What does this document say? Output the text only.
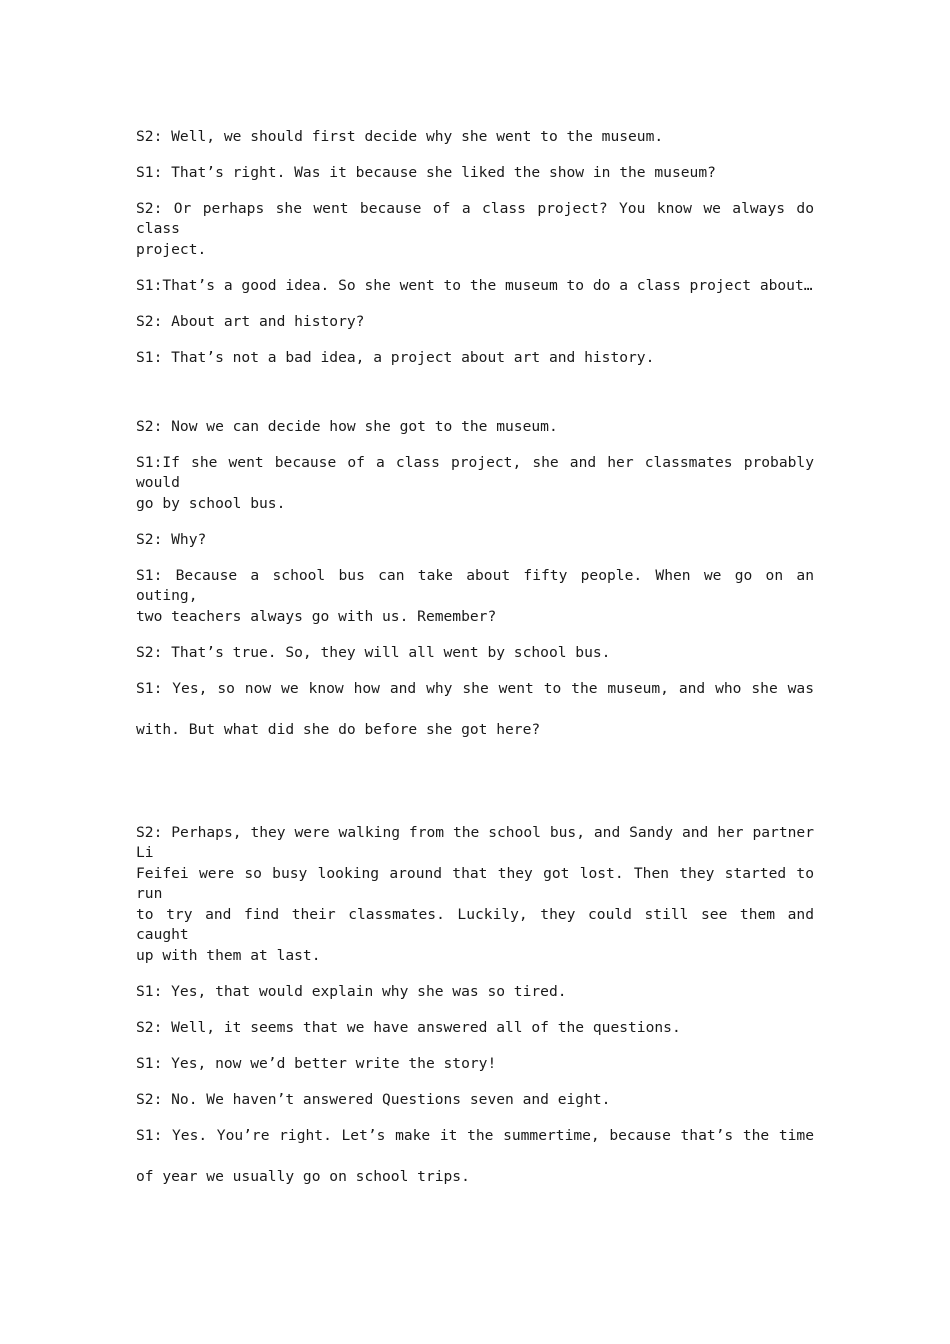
S2: Well, we should first decide why she went to the museum.

S1: That’s right. Was it because she liked the show in the museum?

S2: Or perhaps she went because of a class project? You know we always do class

project.

S1:That’s a good idea. So she went to the museum to do a class project about…

S2: About art and history?

S1: That’s not a bad idea, a project about art and history.

S2: Now we can decide how she got to the museum.

S1:If she went because of a class project, she and her classmates probably would

go by school bus.

S2: Why?

S1: Because a school bus can take about fifty people. When we go on an outing,

two teachers always go with us. Remember?

S2: That’s true. So, they will all went by school bus.

S1: Yes, so now we know how and why she went to the museum, and who she was

with. But what did she do before she got here?

S2: Perhaps, they were walking from the school bus, and Sandy and her partner Li

Feifei were so busy looking around that they got lost. Then they started to run

to try and find their classmates. Luckily, they could still see them and caught

up with them at last.

S1: Yes, that would explain why she was so tired.

S2: Well, it seems that we have answered all of the questions.

S1: Yes, now we’d better write the story!

S2: No. We haven’t answered Questions seven and eight.

S1: Yes. You’re right. Let’s make it the summertime, because that’s the time

of year we usually go on school trips.
